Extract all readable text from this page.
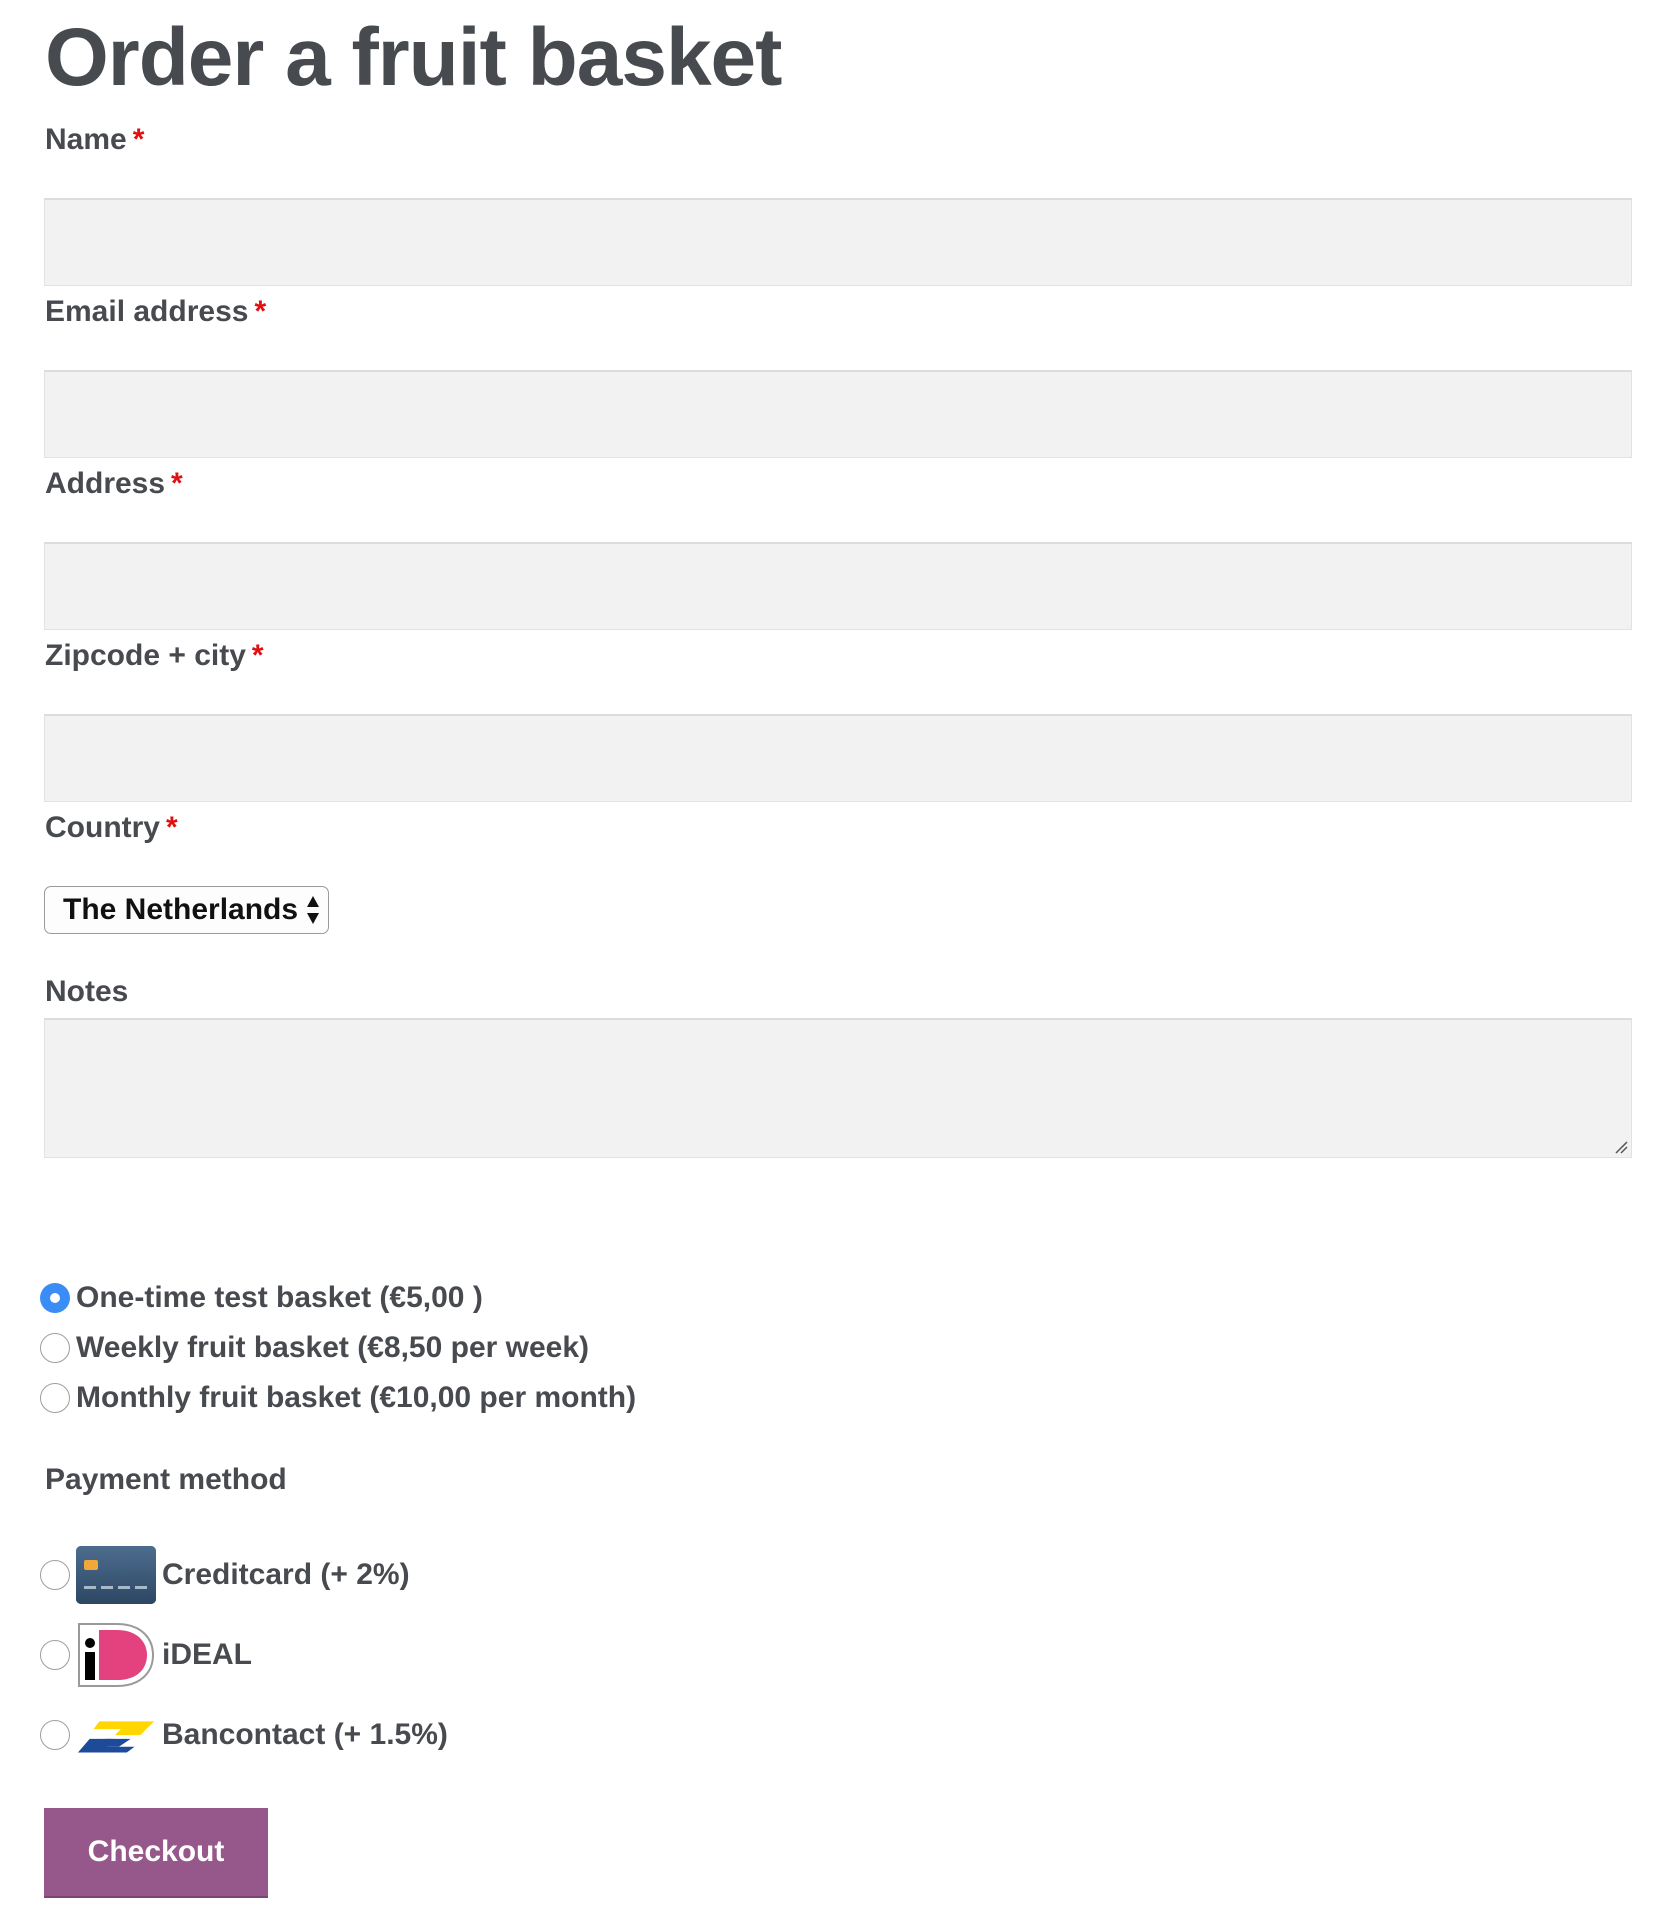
Order a fruit basket
Name *
Email address *
Address *
Zipcode + city *
Country *
The Netherlands
Notes
One-time test basket (€5,00 )
Weekly fruit basket (€8,50 per week)
Monthly fruit basket (€10,00 per month)
Payment method
Creditcard (+ 2%)
iDEAL
Bancontact (+ 1.5%)
Checkout
